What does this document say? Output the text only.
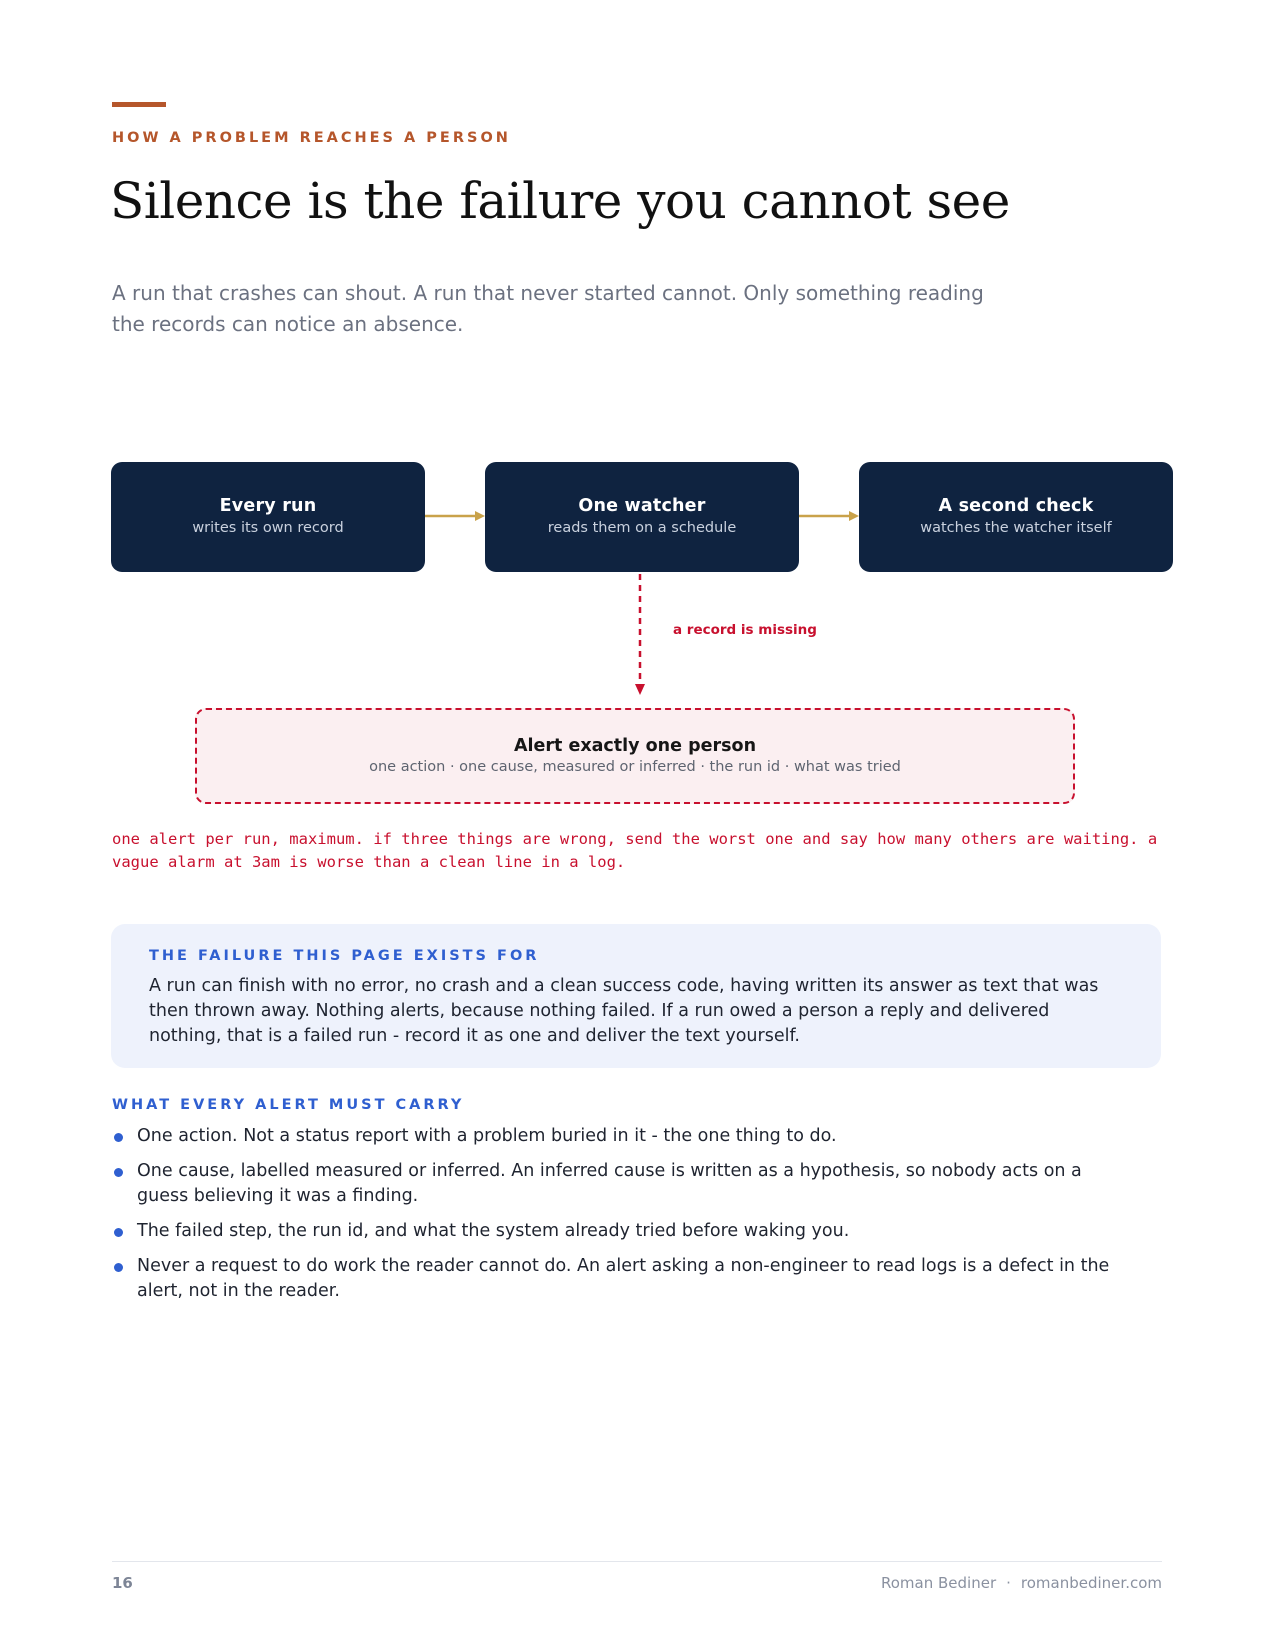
HOW A PROBLEM REACHES A PERSON
Silence is the failure you cannot see

A run that crashes can shout. A run that never started cannot. Only something reading the records can notice an absence.

Every run
writes its own record
One watcher
reads them on a schedule
A second check
watches the watcher itself
a record is missing
Alert exactly one person
one action · one cause, measured or inferred · the run id · what was tried

one alert per run, maximum. if three things are wrong, send the worst one and say how many others are waiting. a vague alarm at 3am is worse than a clean line in a log.

THE FAILURE THIS PAGE EXISTS FOR
A run can finish with no error, no crash and a clean success code, having written its answer as text that was then thrown away. Nothing alerts, because nothing failed. If a run owed a person a reply and delivered nothing, that is a failed run - record it as one and deliver the text yourself.
WHAT EVERY ALERT MUST CARRY
One action. Not a status report with a problem buried in it - the one thing to do.
One cause, labelled measured or inferred. An inferred cause is written as a hypothesis, so nobody acts on a guess believing it was a finding.
The failed step, the run id, and what the system already tried before waking you.
Never a request to do work the reader cannot do. An alert asking a non-engineer to read logs is a defect in the alert, not in the reader.
16	Roman Bediner · romanbediner.com
